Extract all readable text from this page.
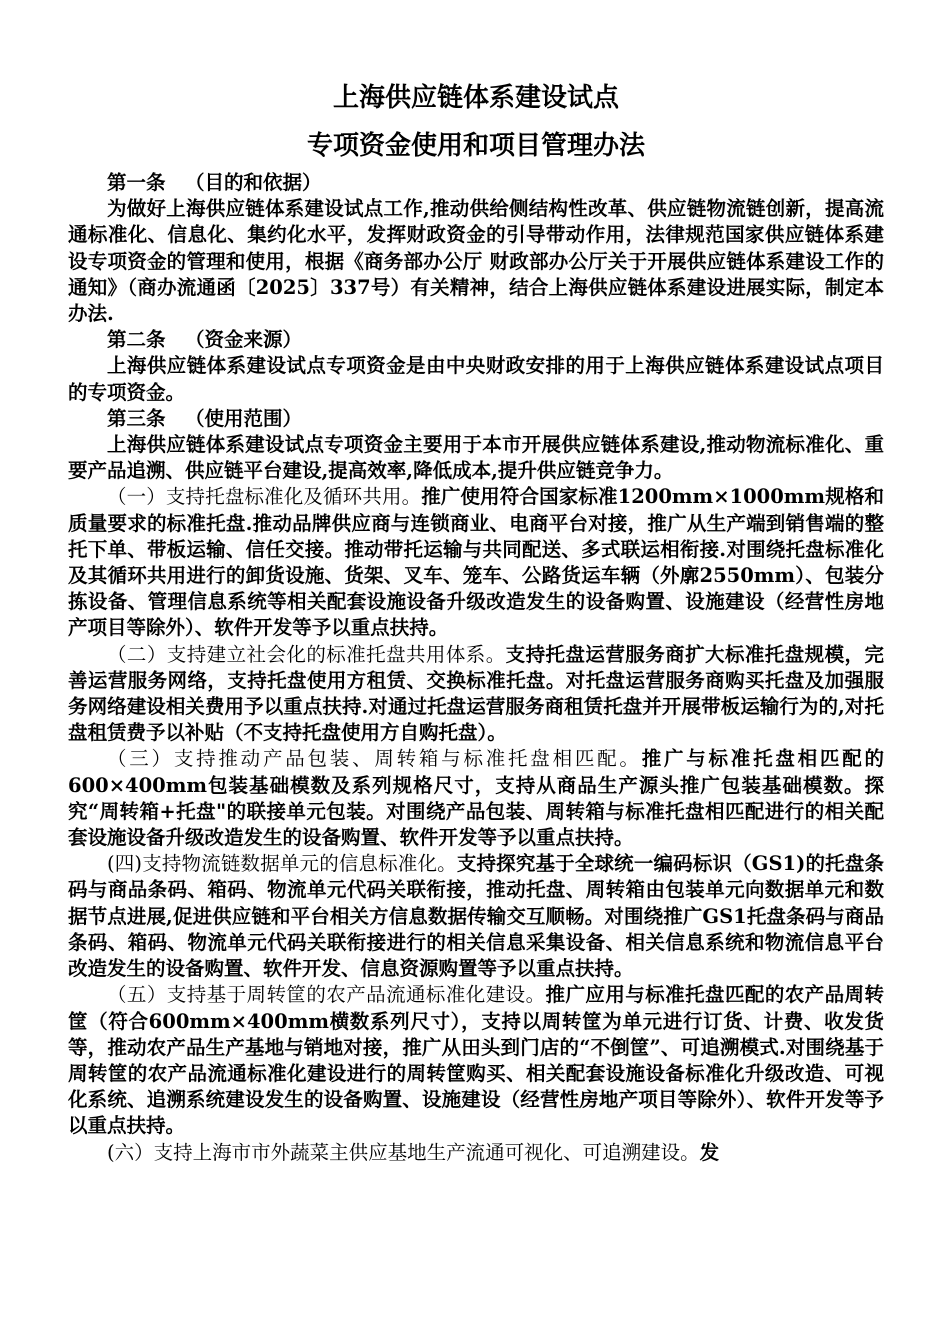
上海供应链体系建设试点
专项资金使用和项目管理办法
第一条 （目的和依据）

为做好上海供应链体系建设试点工作,推动供给侧结构性改革、供应链物流链创新，提高流通标准化、信息化、集约化水平，发挥财政资金的引导带动作用，法律规范国家供应链体系建设专项资金的管理和使用，根据《商务部办公厅 财政部办公厅关于开展供应链体系建设工作的通知》（商办流通函〔2025〕337号）有关精神，结合上海供应链体系建设进展实际，制定本办法.

第二条 （资金来源）

上海供应链体系建设试点专项资金是由中央财政安排的用于上海供应链体系建设试点项目的专项资金。

第三条 （使用范围）

上海供应链体系建设试点专项资金主要用于本市开展供应链体系建设,推动物流标准化、重要产品追溯、供应链平台建设,提高效率,降低成本,提升供应链竞争力。

（一）支持托盘标准化及循环共用。推广使用符合国家标准1200mm×1000mm规格和质量要求的标准托盘.推动品牌供应商与连锁商业、电商平台对接，推广从生产端到销售端的整托下单、带板运输、信任交接。推动带托运输与共同配送、多式联运相衔接.对围绕托盘标准化及其循环共用进行的卸货设施、货架、叉车、笼车、公路货运车辆（外廓2550mm）、包装分拣设备、管理信息系统等相关配套设施设备升级改造发生的设备购置、设施建设（经营性房地产项目等除外）、软件开发等予以重点扶持。

（二）支持建立社会化的标准托盘共用体系。支持托盘运营服务商扩大标准托盘规模，完善运营服务网络，支持托盘使用方租赁、交换标准托盘。对托盘运营服务商购买托盘及加强服务网络建设相关费用予以重点扶持.对通过托盘运营服务商租赁托盘并开展带板运输行为的,对托盘租赁费予以补贴（不支持托盘使用方自购托盘）。

（三）支持推动产品包装、周转箱与标准托盘相匹配。推广与标准托盘相匹配的600×400mm包装基础模数及系列规格尺寸，支持从商品生产源头推广包装基础模数。探究“周转箱+托盘"的联接单元包装。对围绕产品包装、周转箱与标准托盘相匹配进行的相关配套设施设备升级改造发生的设备购置、软件开发等予以重点扶持。

(四)支持物流链数据单元的信息标准化。支持探究基于全球统一编码标识（GS1)的托盘条码与商品条码、箱码、物流单元代码关联衔接，推动托盘、周转箱由包装单元向数据单元和数据节点进展,促进供应链和平台相关方信息数据传输交互顺畅。对围绕推广GS1托盘条码与商品条码、箱码、物流单元代码关联衔接进行的相关信息采集设备、相关信息系统和物流信息平台改造发生的设备购置、软件开发、信息资源购置等予以重点扶持。

（五）支持基于周转筐的农产品流通标准化建设。推广应用与标准托盘匹配的农产品周转筐（符合600mm×400mm横数系列尺寸），支持以周转筐为单元进行订货、计费、收发货等，推动农产品生产基地与销地对接，推广从田头到门店的“不倒筐”、可追溯模式.对围绕基于周转筐的农产品流通标准化建设进行的周转筐购买、相关配套设施设备标准化升级改造、可视化系统、追溯系统建设发生的设备购置、设施建设（经营性房地产项目等除外）、软件开发等予以重点扶持。

(六）支持上海市市外蔬菜主供应基地生产流通可视化、可追溯建设。发
